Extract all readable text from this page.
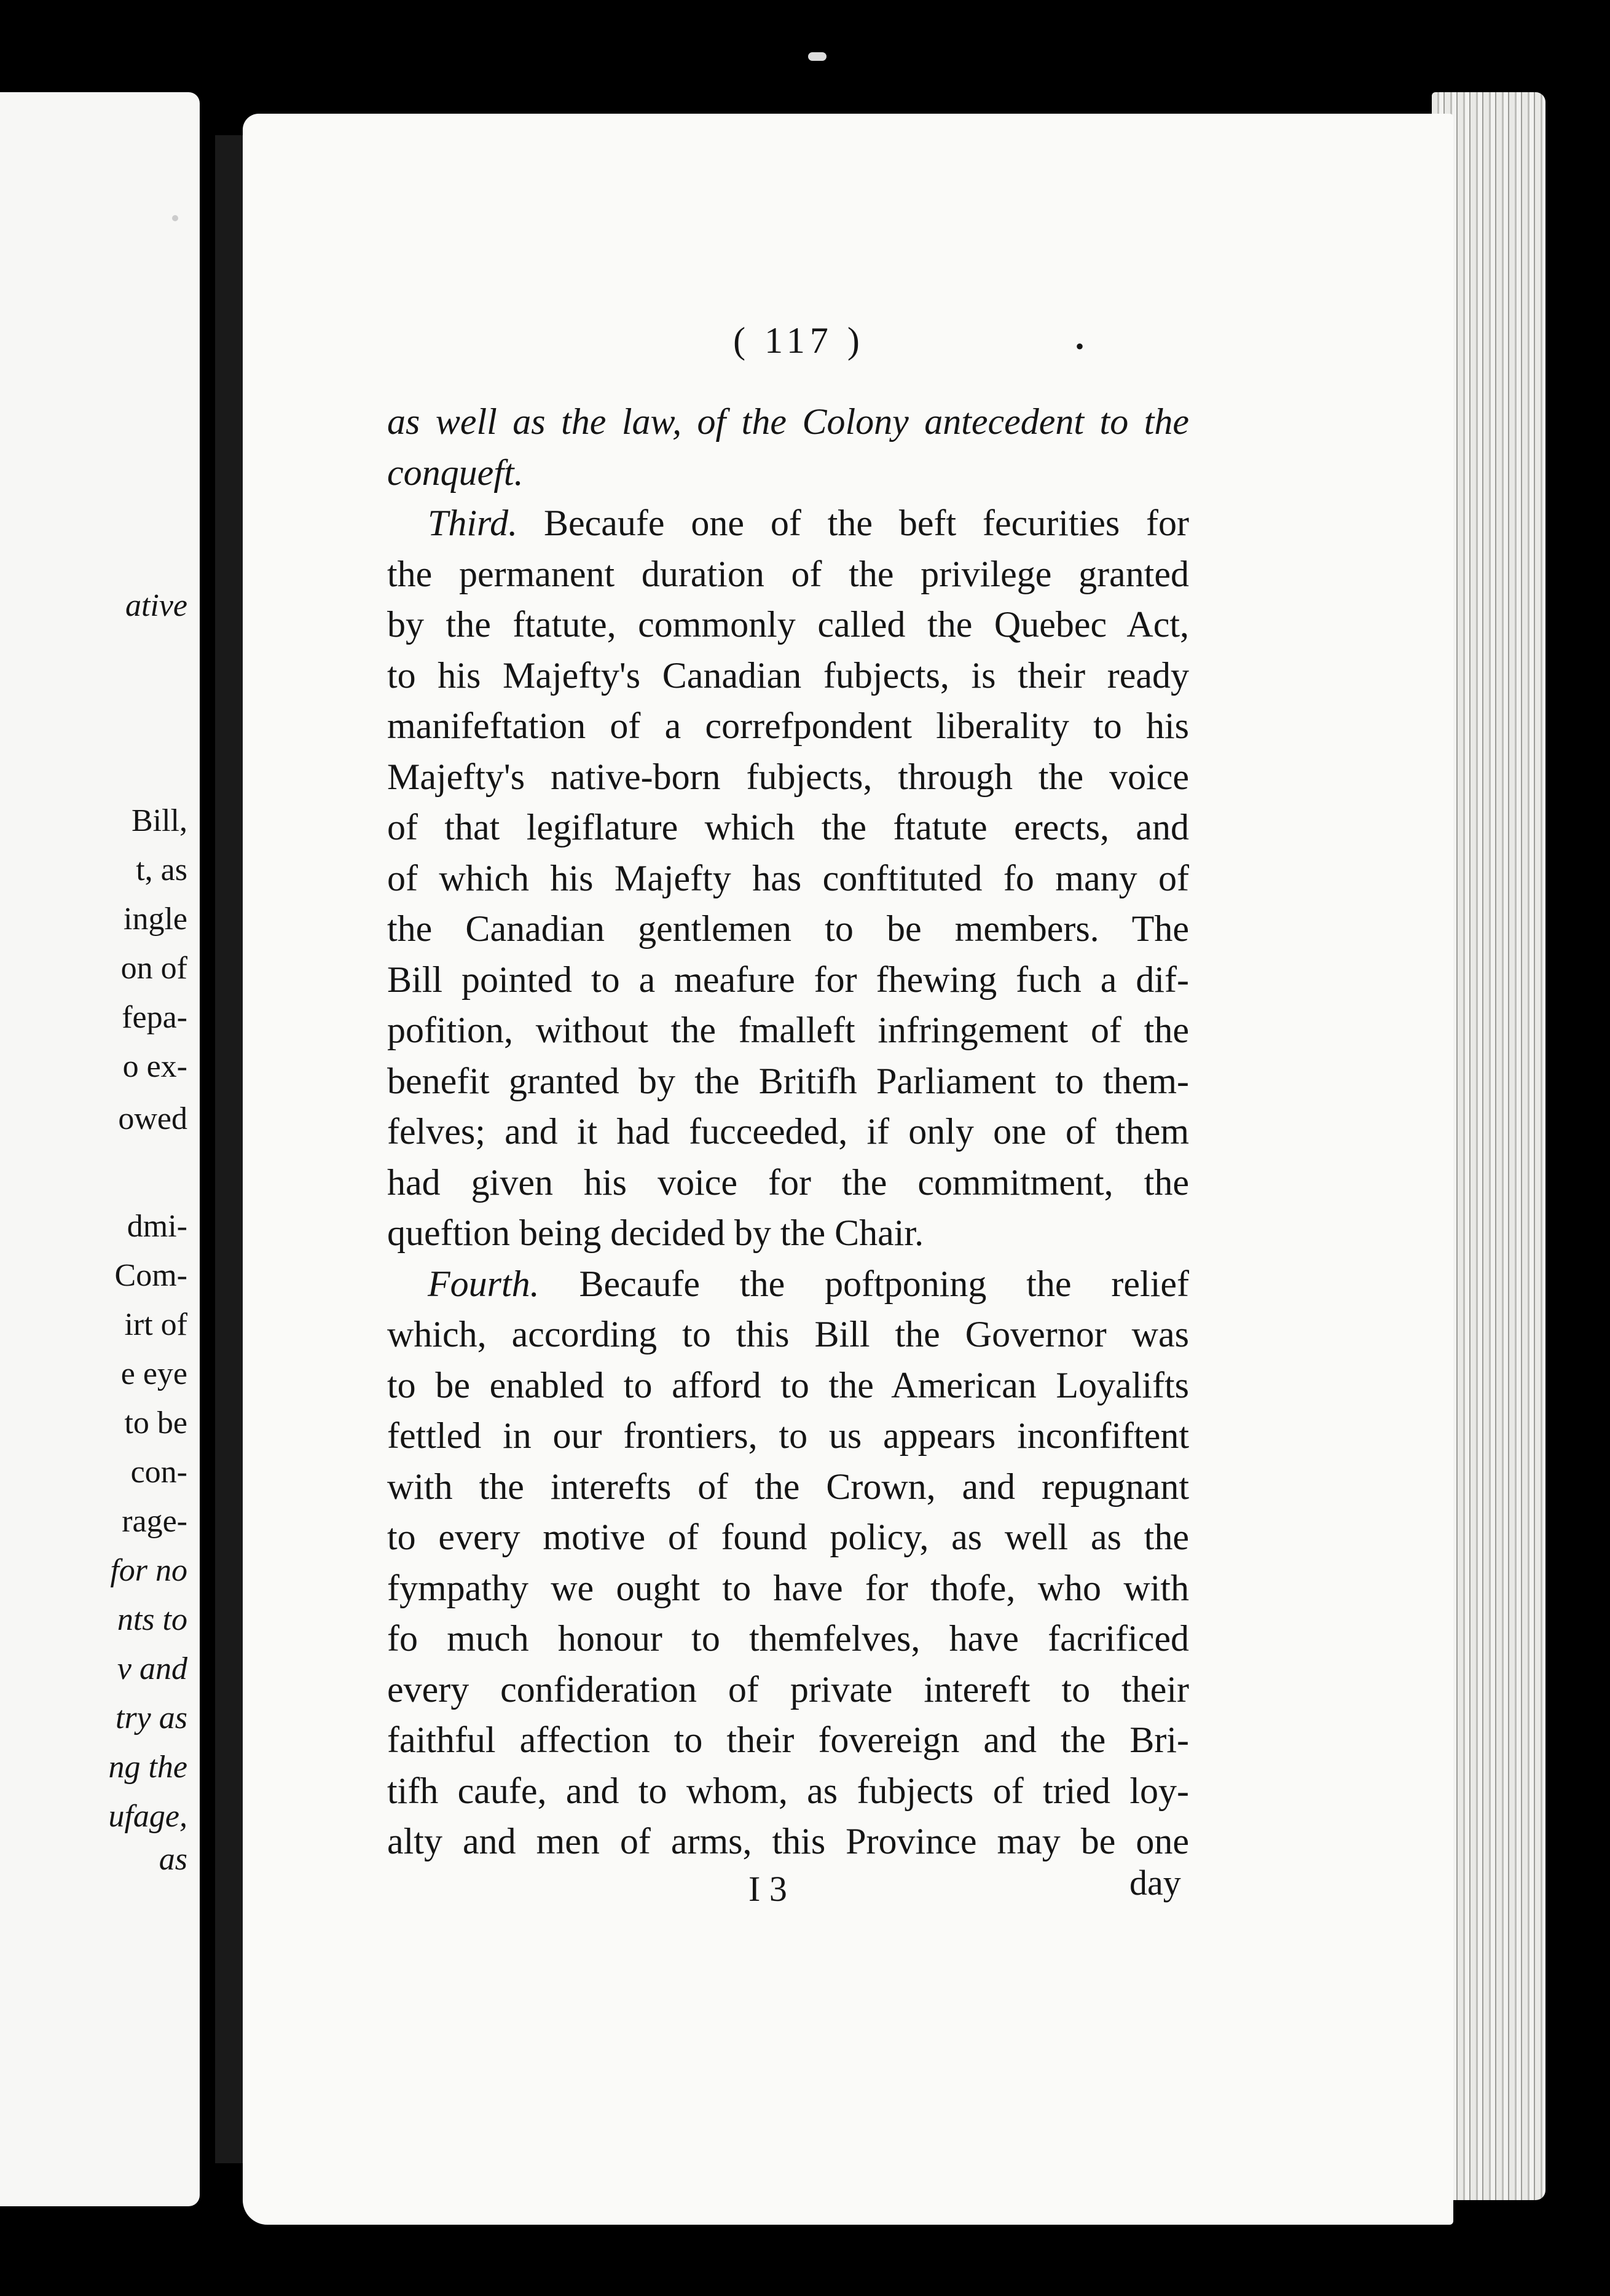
ative
Bill,
t, as
ingle
on of
fepa-
o ex-
owed
dmi-
Com-
irt of
e eye
to be
con-
rage-
for no
nts to
v and
try as
ng the
ufage,
as
( 117 )	•
as well as the law, of the Colony antecedent to the
conqueft.
Third. Becaufe one of the beft fecurities for
the permanent duration of the privilege granted
by the ftatute, commonly called the Quebec Act,
to his Majefty's Canadian fubjects, is their ready
manifeftation of a correfpondent liberality to his
Majefty's native-born fubjects, through the voice
of that legiflature which the ftatute erects, and
of which his Majefty has conftituted fo many of
the Canadian gentlemen to be members. The
Bill pointed to a meafure for fhewing fuch a dif-
pofition, without the fmalleft infringement of the
benefit granted by the Britifh Parliament to them-
felves; and it had fucceeded, if only one of them
had given his voice for the commitment, the
queftion being decided by the Chair.
Fourth. Becaufe the poftponing the relief
which, according to this Bill the Governor was
to be enabled to afford to the American Loyalifts
fettled in our frontiers, to us appears inconfiftent
with the interefts of the Crown, and repugnant
to every motive of found policy, as well as the
fympathy we ought to have for thofe, who with
fo much honour to themfelves, have facrificed
every confideration of private intereft to their
faithful affection to their fovereign and the Bri-
tifh caufe, and to whom, as fubjects of tried loy-
alty and men of arms, this Province may be one
I 3	day
